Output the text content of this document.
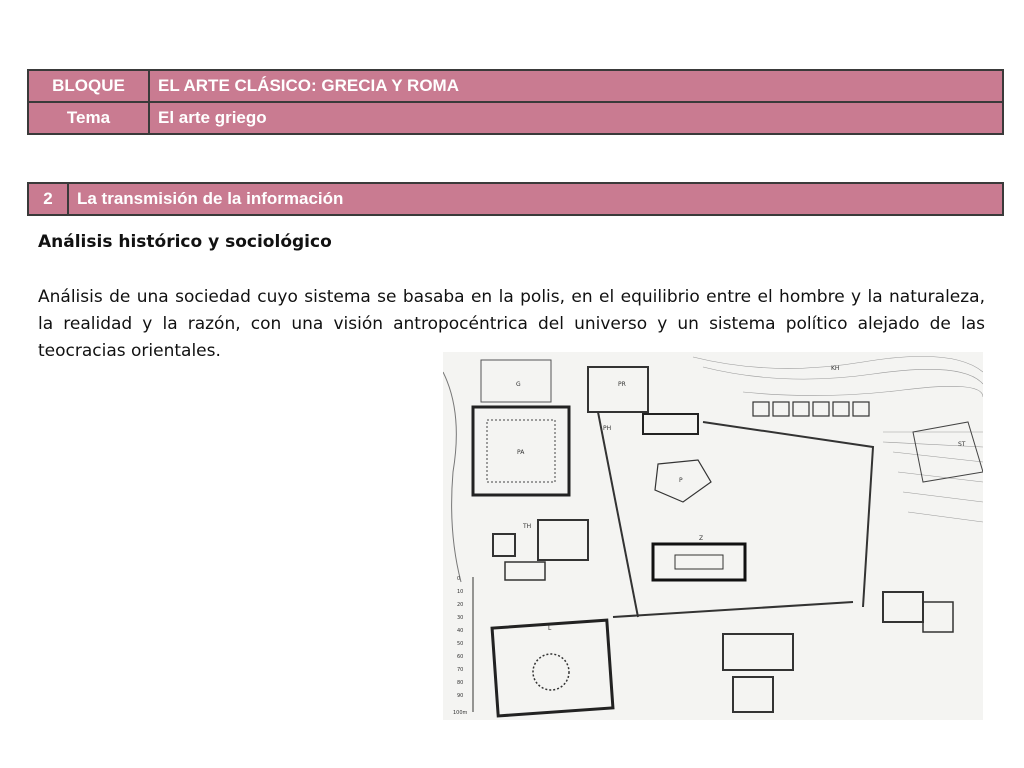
BLOQUE	EL ARTE CLÁSICO: GRECIA Y ROMA
Tema	El arte griego
2	La transmisión de la información
Análisis histórico y sociológico
Análisis de una sociedad cuyo sistema se basaba en la polis, en el equilibrio entre el hombre y la naturaleza, la realidad y la razón, con una visión antropocéntrica del universo y un sistema político alejado de las teocracias orientales.
G
PA
PR
KH
ST
PH
P
Z
TH
L
0
10
20
30
40
50
60
70
80
90
100m
